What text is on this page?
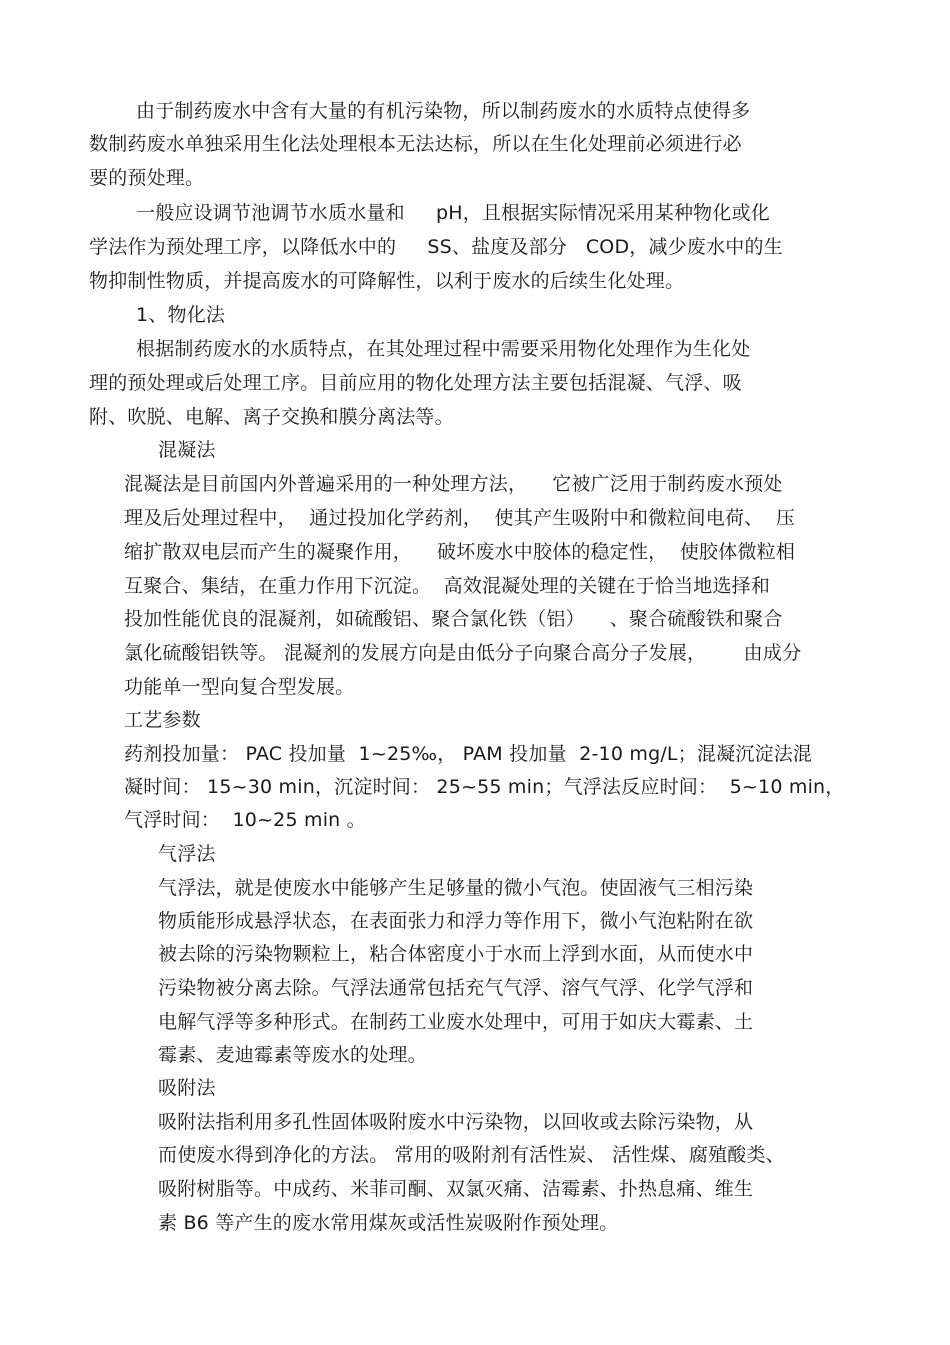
由于制药废水中含有大量的有机污染物，所以制药废水的水质特点使得多
数制药废水单独采用生化法处理根本无法达标，所以在生化处理前必须进行必
要的预处理。
一般应设调节池调节水质水量和     pH，且根据实际情况采用某种物化或化
学法作为预处理工序，以降低水中的     SS、盐度及部分   COD，减少废水中的生
物抑制性物质，并提高废水的可降解性，以利于废水的后续生化处理。
1、物化法
根据制药废水的水质特点，在其处理过程中需要采用物化处理作为生化处
理的预处理或后处理工序。目前应用的物化处理方法主要包括混凝、气浮、吸
附、吹脱、电解、离子交换和膜分离法等。
混凝法
混凝法是目前国内外普遍采用的一种处理方法，    它被广泛用于制药废水预处
理及后处理过程中，  通过投加化学药剂，  使其产生吸附中和微粒间电荷、  压
缩扩散双电层而产生的凝聚作用，    破坏废水中胶体的稳定性，  使胶体微粒相
互聚合、集结，在重力作用下沉淀。  高效混凝处理的关键在于恰当地选择和
投加性能优良的混凝剂，如硫酸铝、聚合氯化铁（铝）    、聚合硫酸铁和聚合
氯化硫酸铝铁等。 混凝剂的发展方向是由低分子向聚合高分子发展，      由成分
功能单一型向复合型发展。
工艺参数
药剂投加量： PAC 投加量  1~25‰， PAM 投加量  2-10 mg/L；混凝沉淀法混
凝时间： 15~30 min，沉淀时间： 25~55 min；气浮法反应时间：  5~10 min，
气浮时间：  10~25 min 。
气浮法
气浮法，就是使废水中能够产生足够量的微小气泡。使固液气三相污染
物质能形成悬浮状态，在表面张力和浮力等作用下，微小气泡粘附在欲
被去除的污染物颗粒上，粘合体密度小于水而上浮到水面，从而使水中
污染物被分离去除。气浮法通常包括充气气浮、溶气气浮、化学气浮和
电解气浮等多种形式。在制药工业废水处理中，可用于如庆大霉素、土
霉素、麦迪霉素等废水的处理。
吸附法
吸附法指利用多孔性固体吸附废水中污染物，以回收或去除污染物，从
而使废水得到净化的方法。 常用的吸附剂有活性炭、 活性煤、腐殖酸类、
吸附树脂等。中成药、米菲司酮、双氯灭痛、洁霉素、扑热息痛、维生
素 B6 等产生的废水常用煤灰或活性炭吸附作预处理。
